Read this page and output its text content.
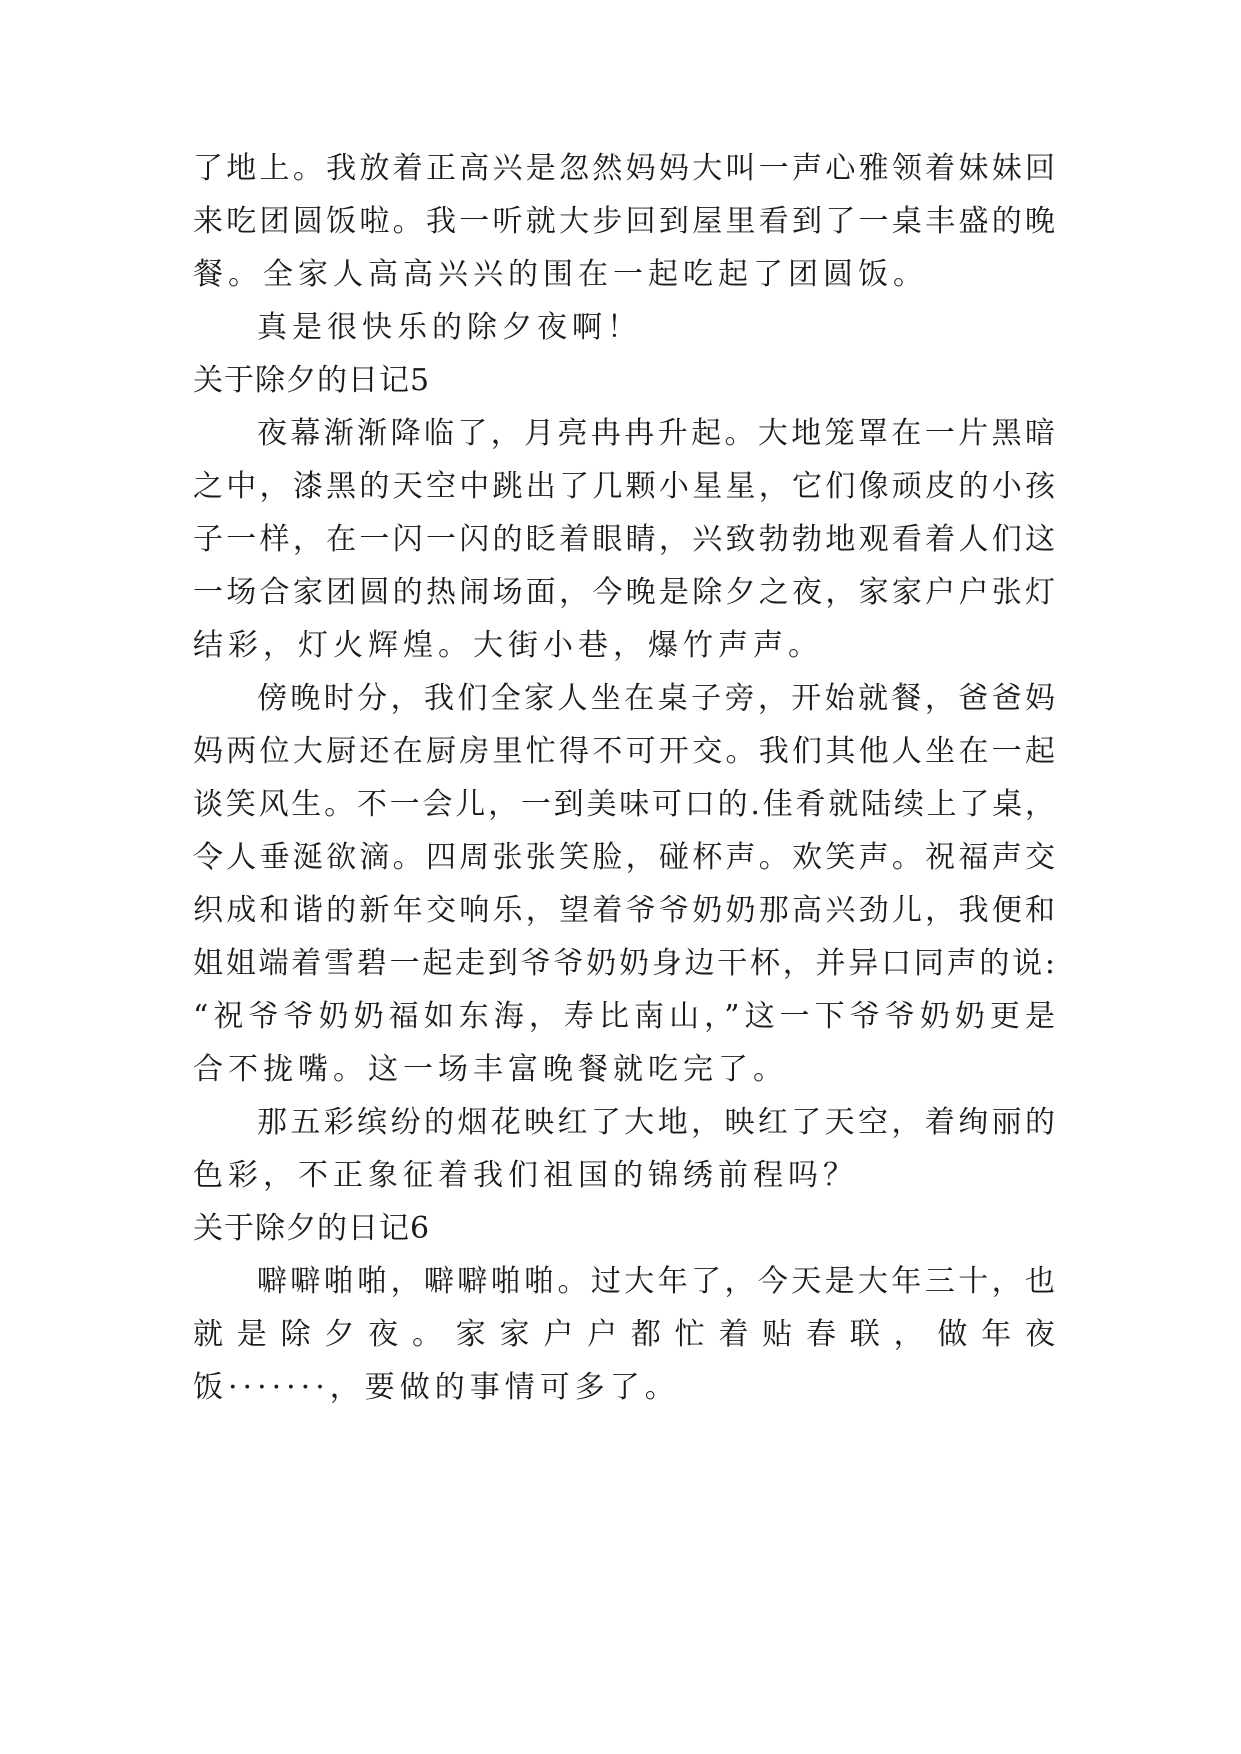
了地上。我放着正高兴是忽然妈妈大叫一声心雅领着妹妹回
来吃团圆饭啦。我一听就大步回到屋里看到了一桌丰盛的晚
餐。全家人高高兴兴的围在一起吃起了团圆饭。
真是很快乐的除夕夜啊！
关于除夕的日记5
夜幕渐渐降临了，月亮冉冉升起。大地笼罩在一片黑暗
之中，漆黑的天空中跳出了几颗小星星，它们像顽皮的小孩
子一样，在一闪一闪的眨着眼睛，兴致勃勃地观看着人们这
一场合家团圆的热闹场面，今晚是除夕之夜，家家户户张灯
结彩，灯火辉煌。大街小巷，爆竹声声。
傍晚时分，我们全家人坐在桌子旁，开始就餐，爸爸妈
妈两位大厨还在厨房里忙得不可开交。我们其他人坐在一起
谈笑风生。不一会儿，一到美味可口的.佳肴就陆续上了桌，
令人垂涎欲滴。四周张张笑脸，碰杯声。欢笑声。祝福声交
织成和谐的新年交响乐，望着爷爷奶奶那高兴劲儿，我便和
姐姐端着雪碧一起走到爷爷奶奶身边干杯，并异口同声的说:
“祝爷爷奶奶福如东海，寿比南山，”这一下爷爷奶奶更是
合不拢嘴。这一场丰富晚餐就吃完了。
那五彩缤纷的烟花映红了大地，映红了天空，着绚丽的
色彩，不正象征着我们祖国的锦绣前程吗？
关于除夕的日记6
噼噼啪啪，噼噼啪啪。过大年了，今天是大年三十，也
就是除夕夜。家家户户都忙着贴春联，做年夜
饭·······，要做的事情可多了。
